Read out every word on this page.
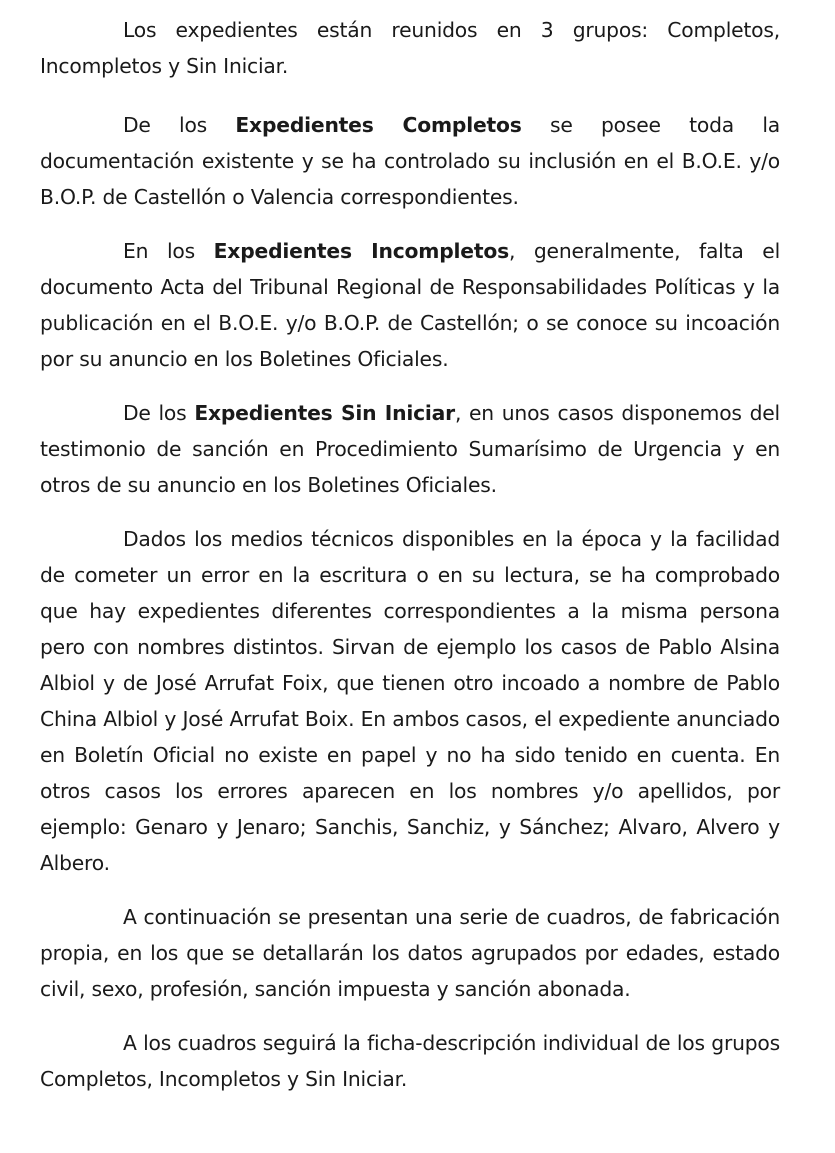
Los expedientes están reunidos en 3 grupos: Completos, Incompletos y Sin Iniciar.

De los Expedientes Completos se posee toda la documentación existente y se ha controlado su inclusión en el B.O.E. y/o B.O.P. de Castellón o Valencia correspondientes.

En los Expedientes Incompletos, generalmente, falta el documento Acta del Tribunal Regional de Responsabilidades Políticas y la publicación en el B.O.E. y/o B.O.P. de Castellón; o se conoce su incoación por su anuncio en los Boletines Oficiales.

De los Expedientes Sin Iniciar, en unos casos disponemos del testimonio de sanción en Procedimiento Sumarísimo de Urgencia y en otros de su anuncio en los Boletines Oficiales.

Dados los medios técnicos disponibles en la época y la facilidad de cometer un error en la escritura o en su lectura, se ha comprobado que hay expedientes diferentes correspondientes a la misma persona pero con nombres distintos. Sirvan de ejemplo los casos de Pablo Alsina Albiol y de José Arrufat Foix, que tienen otro incoado a nombre de Pablo China Albiol y José Arrufat Boix. En ambos casos, el expediente anunciado en Boletín Oficial no existe en papel y no ha sido tenido en cuenta. En otros casos los errores aparecen en los nombres y/o apellidos, por ejemplo: Genaro y Jenaro; Sanchis, Sanchiz, y Sánchez; Alvaro, Alvero y Albero.

A continuación se presentan una serie de cuadros, de fabricación propia, en los que se detallarán los datos agrupados por edades, estado civil, sexo, profesión, sanción impuesta y sanción abonada.

A los cuadros seguirá la ficha-descripción individual de los grupos Completos, Incompletos y Sin Iniciar.
